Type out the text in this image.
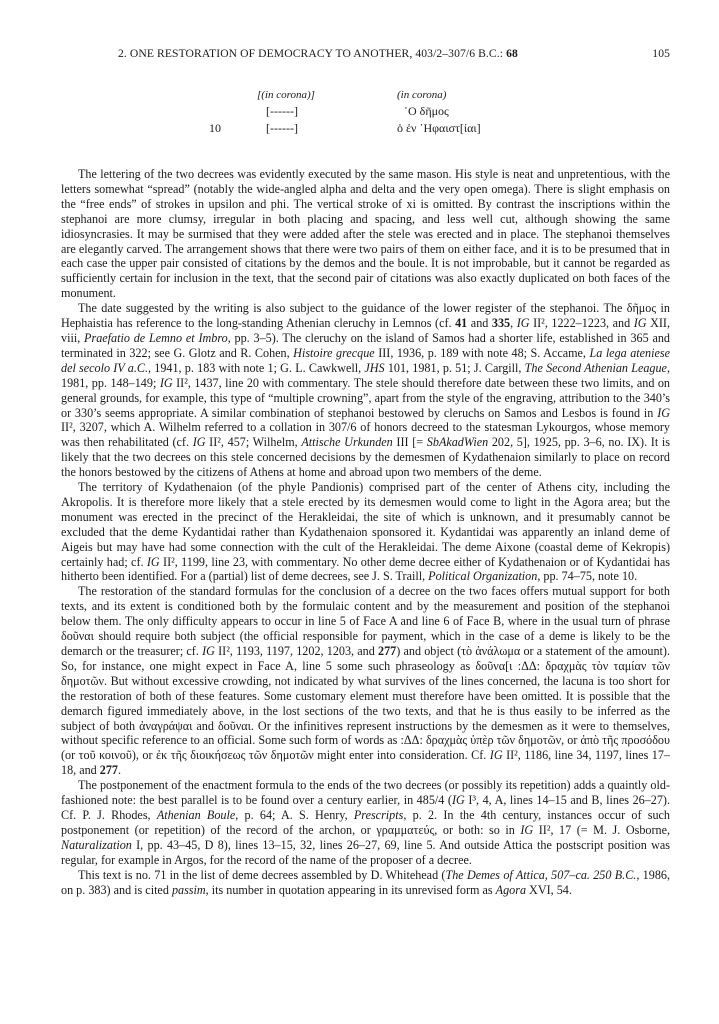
2. ONE RESTORATION OF DEMOCRACY TO ANOTHER, 403/2–307/6 B.C.: 68	105
[(in corona)]	(in corona)
[------]	῾Ο δῆμος
10	[------]	ὁ ἐν ῾Ηφαιστ[ίαι]

The lettering of the two decrees was evidently executed by the same mason. His style is neat and unpretentious, with the letters somewhat “spread” (notably the wide-angled alpha and delta and the very open omega). There is slight emphasis on the “free ends” of strokes in upsilon and phi. The vertical stroke of xi is omitted. By contrast the inscriptions within the stephanoi are more clumsy, irregular in both placing and spacing, and less well cut, although showing the same idiosyncrasies. It may be surmised that they were added after the stele was erected and in place. The stephanoi themselves are elegantly carved. The arrangement shows that there were two pairs of them on either face, and it is to be presumed that in each case the upper pair consisted of citations by the demos and the boule. It is not improbable, but it cannot be regarded as sufficiently certain for inclusion in the text, that the second pair of citations was also exactly duplicated on both faces of the monument.

The date suggested by the writing is also subject to the guidance of the lower register of the stephanoi. The δῆμος in Hephaistia has reference to the long-standing Athenian cleruchy in Lemnos (cf. 41 and 335, IG II², 1222–1223, and IG XII, viii, Praefatio de Lemno et Imbro, pp. 3–5). The cleruchy on the island of Samos had a shorter life, established in 365 and terminated in 322; see G. Glotz and R. Cohen, Histoire grecque III, 1936, p. 189 with note 48; S. Accame, La lega ateniese del secolo IV a.C., 1941, p. 183 with note 1; G. L. Cawkwell, JHS 101, 1981, p. 51; J. Cargill, The Second Athenian League, 1981, pp. 148–149; IG II², 1437, line 20 with commentary. The stele should therefore date between these two limits, and on general grounds, for example, this type of “multiple crowning”, apart from the style of the engraving, attribution to the 340’s or 330’s seems appropriate. A similar combination of stephanoi bestowed by cleruchs on Samos and Lesbos is found in IG II², 3207, which A. Wilhelm referred to a collation in 307/6 of honors decreed to the statesman Lykourgos, whose memory was then rehabilitated (cf. IG II², 457; Wilhelm, Attische Urkunden III [= SbAkadWien 202, 5], 1925, pp. 3–6, no. IX). It is likely that the two decrees on this stele concerned decisions by the demesmen of Kydathenaion similarly to place on record the honors bestowed by the citizens of Athens at home and abroad upon two members of the deme.

The territory of Kydathenaion (of the phyle Pandionis) comprised part of the center of Athens city, including the Akropolis. It is therefore more likely that a stele erected by its demesmen would come to light in the Agora area; but the monument was erected in the precinct of the Herakleidai, the site of which is unknown, and it presumably cannot be excluded that the deme Kydantidai rather than Kydathenaion sponsored it. Kydantidai was apparently an inland deme of Aigeis but may have had some connection with the cult of the Herakleidai. The deme Aixone (coastal deme of Kekropis) certainly had; cf. IG II², 1199, line 23, with commentary. No other deme decree either of Kydathenaion or of Kydantidai has hitherto been identified. For a (partial) list of deme decrees, see J. S. Traill, Political Organization, pp. 74–75, note 10.

The restoration of the standard formulas for the conclusion of a decree on the two faces offers mutual support for both texts, and its extent is conditioned both by the formulaic content and by the measurement and position of the stephanoi below them. The only difficulty appears to occur in line 5 of Face A and line 6 of Face B, where in the usual turn of phrase δοῦναι should require both subject (the official responsible for payment, which in the case of a deme is likely to be the demarch or the treasurer; cf. IG II², 1193, 1197, 1202, 1203, and 277) and object (τὸ ἀνάλωμα or a statement of the amount). So, for instance, one might expect in Face A, line 5 some such phraseology as δοῦνα[ι :ΔΔ: δραχμὰς τὸν ταμίαν τῶν δημοτῶν. But without excessive crowding, not indicated by what survives of the lines concerned, the lacuna is too short for the restoration of both of these features. Some customary element must therefore have been omitted. It is possible that the demarch figured immediately above, in the lost sections of the two texts, and that he is thus easily to be inferred as the subject of both ἀναγράψαι and δοῦναι. Or the infinitives represent instructions by the demesmen as it were to themselves, without specific reference to an official. Some such form of words as :ΔΔ: δραχμὰς ὑπὲρ τῶν δημοτῶν, or ἀπὸ τῆς προσόδου (or τοῦ κοινοῦ), or ἐκ τῆς διοικήσεως τῶν δημοτῶν might enter into consideration. Cf. IG II², 1186, line 34, 1197, lines 17–18, and 277.

The postponement of the enactment formula to the ends of the two decrees (or possibly its repetition) adds a quaintly old-fashioned note: the best parallel is to be found over a century earlier, in 485/4 (IG I³, 4, A, lines 14–15 and B, lines 26–27). Cf. P. J. Rhodes, Athenian Boule, p. 64; A. S. Henry, Prescripts, p. 2. In the 4th century, instances occur of such postponement (or repetition) of the record of the archon, or γραμματεύς, or both: so in IG II², 17 (= M. J. Osborne, Naturalization I, pp. 43–45, D 8), lines 13–15, 32, lines 26–27, 69, line 5. And outside Attica the postscript position was regular, for example in Argos, for the record of the name of the proposer of a decree.

This text is no. 71 in the list of deme decrees assembled by D. Whitehead (The Demes of Attica, 507–ca. 250 B.C., 1986, on p. 383) and is cited passim, its number in quotation appearing in its unrevised form as Agora XVI, 54.
